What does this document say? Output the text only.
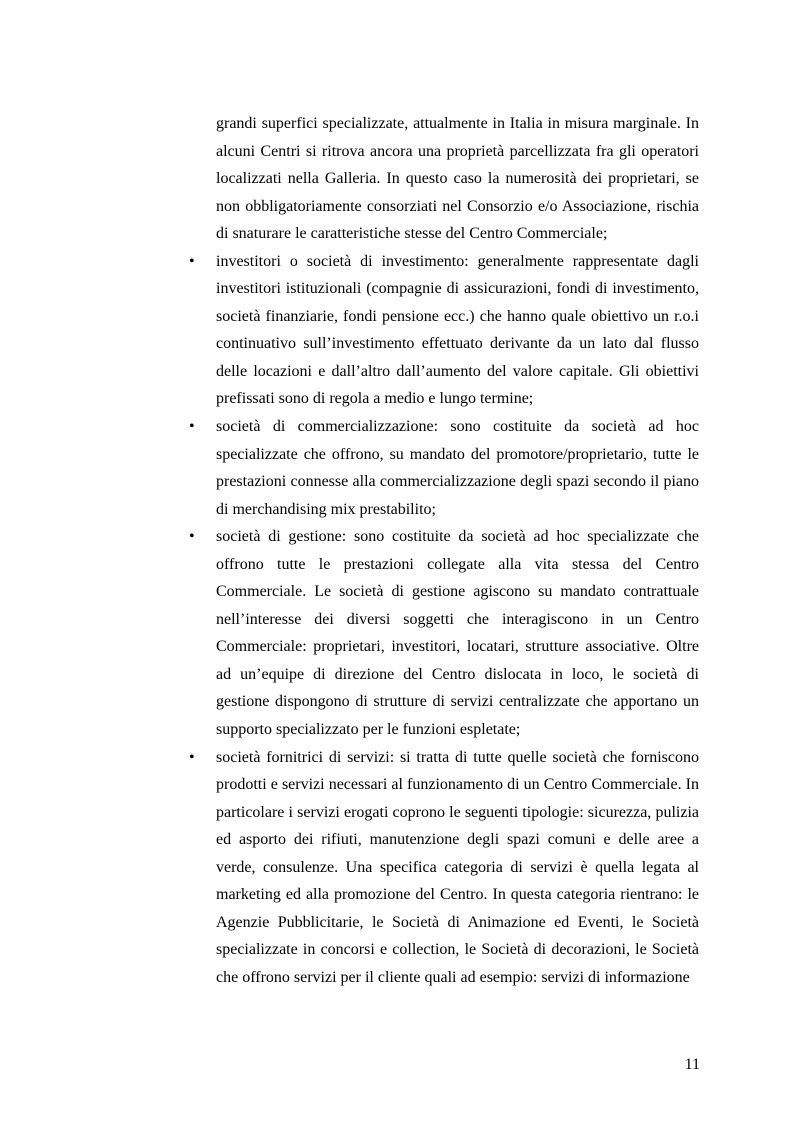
grandi superfici specializzate, attualmente in Italia in misura marginale. In alcuni Centri si ritrova ancora una proprietà parcellizzata fra gli operatori localizzati nella Galleria. In questo caso la numerosità dei proprietari, se non obbligatoriamente consorziati nel Consorzio e/o Associazione, rischia di snaturare le caratteristiche stesse del Centro Commerciale;

• investitori o società di investimento: generalmente rappresentate dagli investitori istituzionali (compagnie di assicurazioni, fondi di investimento, società finanziarie, fondi pensione ecc.) che hanno quale obiettivo un r.o.i continuativo sull’investimento effettuato derivante da un lato dal flusso delle locazioni e dall’altro dall’aumento del valore capitale. Gli obiettivi prefissati sono di regola a medio e lungo termine;

• società di commercializzazione: sono costituite da società ad hoc specializzate che offrono, su mandato del promotore/proprietario, tutte le prestazioni connesse alla commercializzazione degli spazi secondo il piano di merchandising mix prestabilito;

• società di gestione: sono costituite da società ad hoc specializzate che offrono tutte le prestazioni collegate alla vita stessa del Centro Commerciale. Le società di gestione agiscono su mandato contrattuale nell’interesse dei diversi soggetti che interagiscono in un Centro Commerciale: proprietari, investitori, locatari, strutture associative. Oltre ad un’equipe di direzione del Centro dislocata in loco, le società di gestione dispongono di strutture di servizi centralizzate che apportano un supporto specializzato per le funzioni espletate;

• società fornitrici di servizi: si tratta di tutte quelle società che forniscono prodotti e servizi necessari al funzionamento di un Centro Commerciale. In particolare i servizi erogati coprono le seguenti tipologie: sicurezza, pulizia ed asporto dei rifiuti, manutenzione degli spazi comuni e delle aree a verde, consulenze. Una specifica categoria di servizi è quella legata al marketing ed alla promozione del Centro. In questa categoria rientrano: le Agenzie Pubblicitarie, le Società di Animazione ed Eventi, le Società specializzate in concorsi e collection, le Società di decorazioni, le Società che offrono servizi per il cliente quali ad esempio: servizi di informazione

11
